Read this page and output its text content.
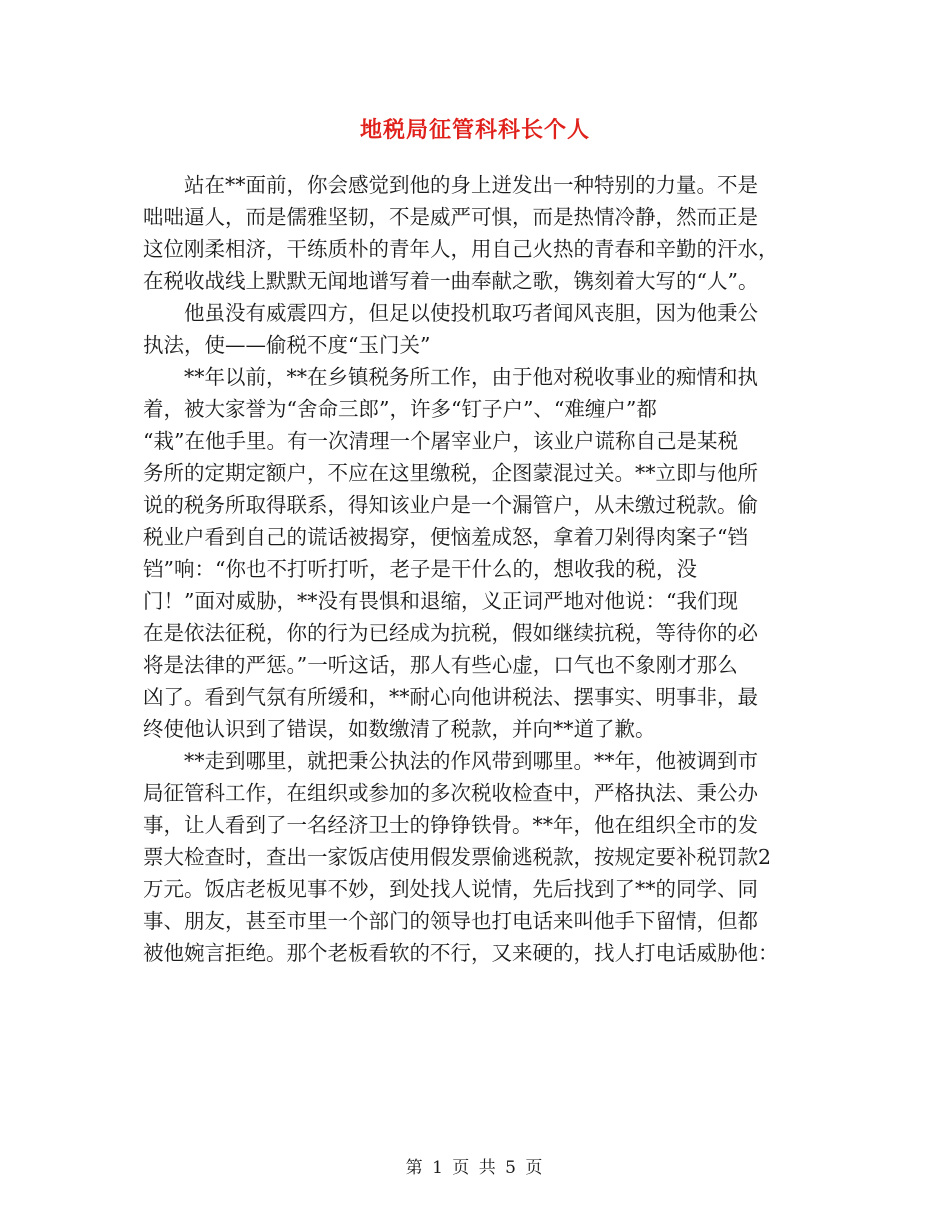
地税局征管科科长个人
　　站在**面前，你会感觉到他的身上迸发出一种特别的力量。不是
咄咄逼人，而是儒雅坚韧，不是威严可惧，而是热情冷静，然而正是
这位刚柔相济，干练质朴的青年人，用自己火热的青春和辛勤的汗水，
在税收战线上默默无闻地谱写着一曲奉献之歌，镌刻着大写的“人”。
　　他虽没有威震四方，但足以使投机取巧者闻风丧胆，因为他秉公
执法，使——偷税不度“玉门关”
　　**年以前，**在乡镇税务所工作，由于他对税收事业的痴情和执
着，被大家誉为“舍命三郎”，许多“钉子户”、“难缠户”都
“栽”在他手里。有一次清理一个屠宰业户，该业户谎称自己是某税
务所的定期定额户，不应在这里缴税，企图蒙混过关。**立即与他所
说的税务所取得联系，得知该业户是一个漏管户，从未缴过税款。偷
税业户看到自己的谎话被揭穿，便恼羞成怒，拿着刀剁得肉案子“铛
铛”响：“你也不打听打听，老子是干什么的，想收我的税，没
门！”面对威胁，**没有畏惧和退缩，义正词严地对他说：“我们现
在是依法征税，你的行为已经成为抗税，假如继续抗税，等待你的必
将是法律的严惩。”一听这话，那人有些心虚，口气也不象刚才那么
凶了。看到气氛有所缓和，**耐心向他讲税法、摆事实、明事非，最
终使他认识到了错误，如数缴清了税款，并向**道了歉。
　　**走到哪里，就把秉公执法的作风带到哪里。**年，他被调到市
局征管科工作，在组织或参加的多次税收检查中，严格执法、秉公办
事，让人看到了一名经济卫士的铮铮铁骨。**年，他在组织全市的发
票大检查时，查出一家饭店使用假发票偷逃税款，按规定要补税罚款2
万元。饭店老板见事不妙，到处找人说情，先后找到了**的同学、同
事、朋友，甚至市里一个部门的领导也打电话来叫他手下留情，但都
被他婉言拒绝。那个老板看软的不行，又来硬的，找人打电话威胁他：
第 1 页 共 5 页
